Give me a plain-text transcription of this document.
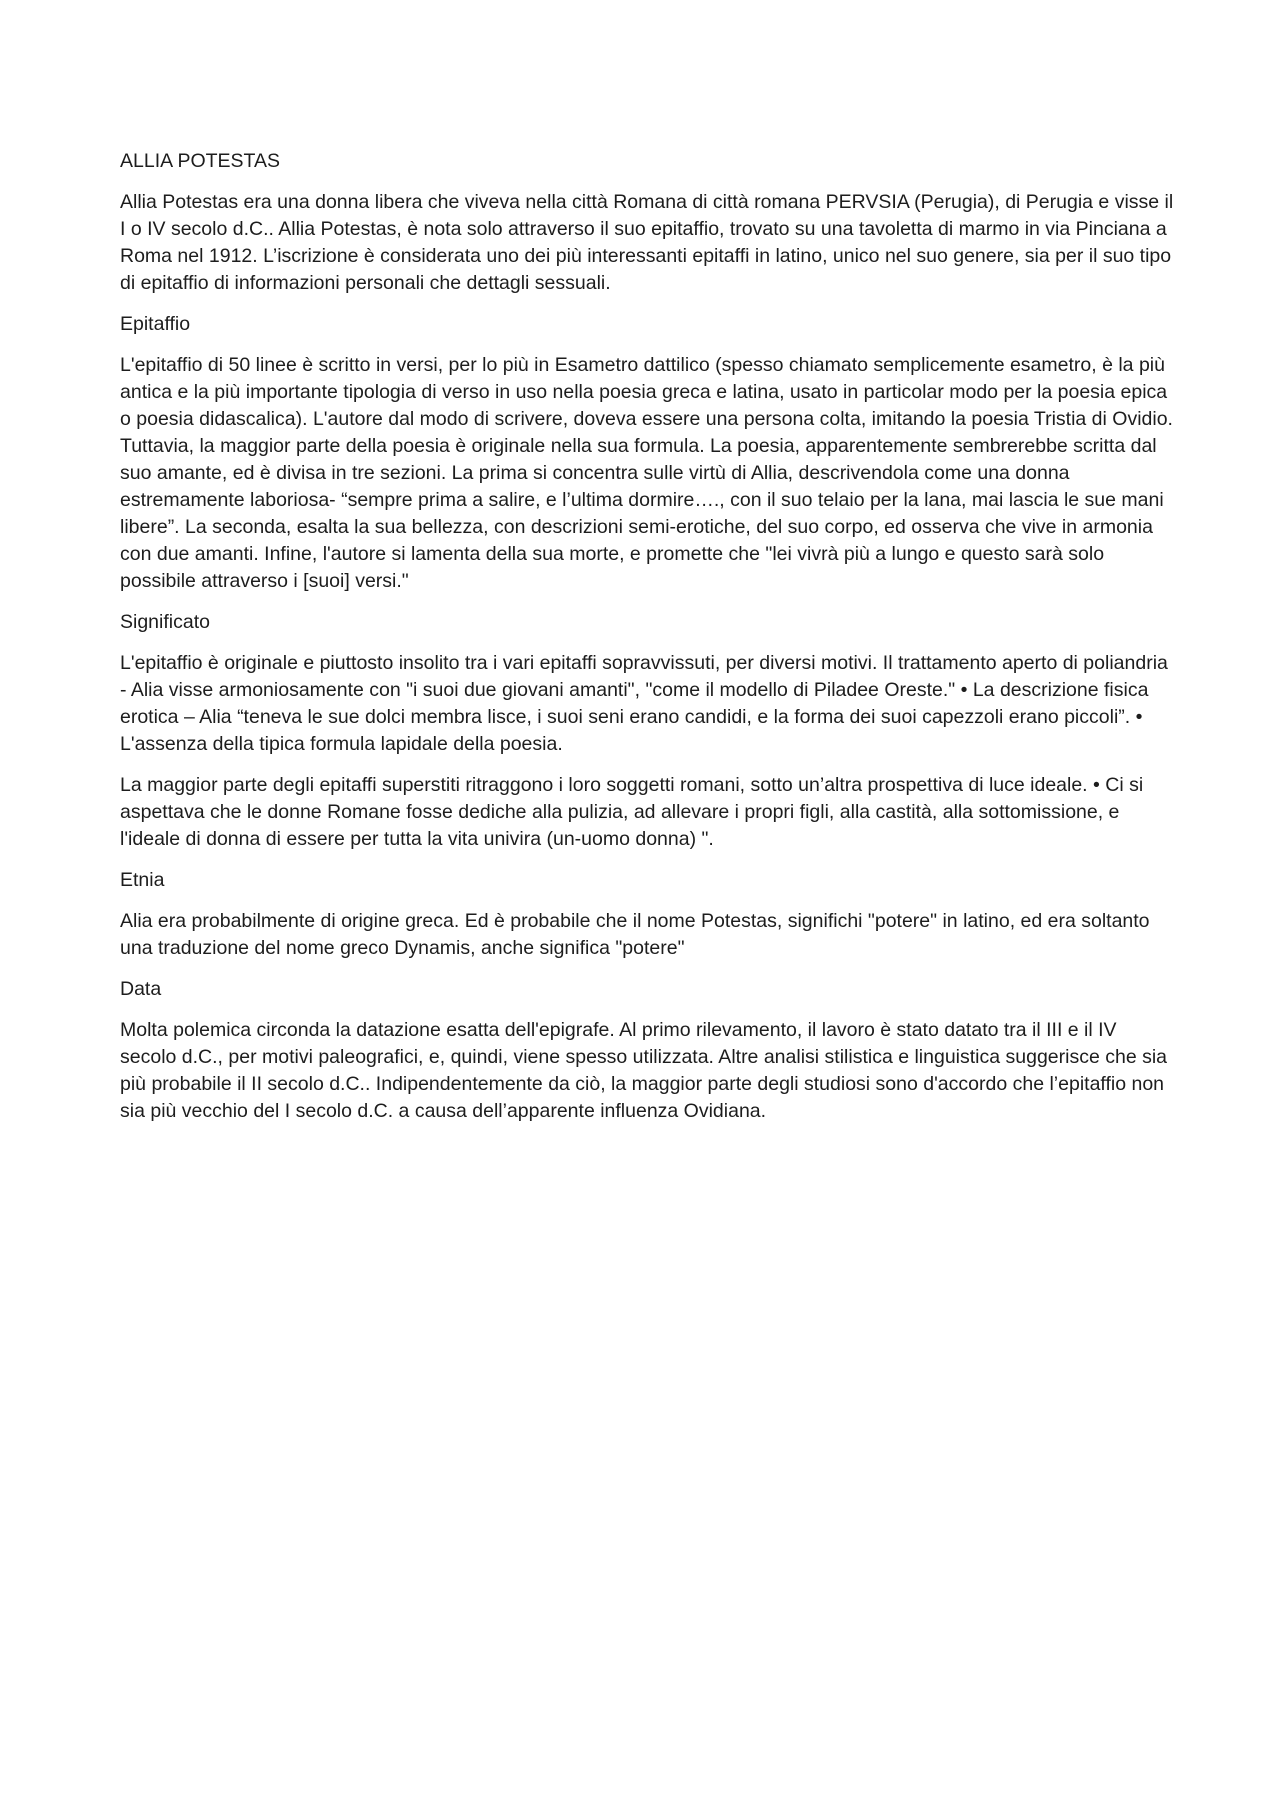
ALLIA POTESTAS

Allia Potestas era una donna libera che viveva nella città Romana di città romana PERVSIA (Perugia), di Perugia e visse il I o IV secolo d.C.. Allia Potestas, è nota solo attraverso il suo epitaffio, trovato su una tavoletta di marmo in via Pinciana a Roma nel 1912. L’iscrizione è considerata uno dei più interessanti epitaffi in latino, unico nel suo genere, sia per il suo tipo di epitaffio di informazioni personali che dettagli sessuali.

Epitaffio

L'epitaffio di 50 linee è scritto in versi, per lo più in Esametro dattilico (spesso chiamato semplicemente esametro, è la più antica e la più importante tipologia di verso in uso nella poesia greca e latina, usato in particolar modo per la poesia epica o poesia didascalica). L'autore dal modo di scrivere, doveva essere una persona colta, imitando la poesia Tristia di Ovidio. Tuttavia, la maggior parte della poesia è originale nella sua formula. La poesia, apparentemente sembrerebbe scritta dal suo amante, ed è divisa in tre sezioni. La prima si concentra sulle virtù di Allia, descrivendola come una donna estremamente laboriosa- “sempre prima a salire, e l’ultima dormire…., con il suo telaio per la lana, mai lascia le sue mani libere”. La seconda, esalta la sua bellezza, con descrizioni semi-erotiche, del suo corpo, ed osserva che vive in armonia con due amanti. Infine, l'autore si lamenta della sua morte, e promette che "lei vivrà più a lungo e questo sarà solo possibile attraverso i [suoi] versi."

Significato

L'epitaffio è originale e piuttosto insolito tra i vari epitaffi sopravvissuti, per diversi motivi. Il trattamento aperto di poliandria - Alia visse armoniosamente con "i suoi due giovani amanti", "come il modello di Piladee Oreste." • La descrizione fisica erotica – Alia “teneva le sue dolci membra lisce, i suoi seni erano candidi, e la forma dei suoi capezzoli erano piccoli”. • L'assenza della tipica formula lapidale della poesia.

La maggior parte degli epitaffi superstiti ritraggono i loro soggetti romani, sotto un’altra prospettiva di luce ideale. • Ci si aspettava che le donne Romane fosse dediche alla pulizia, ad allevare i propri figli, alla castità, alla sottomissione, e l'ideale di donna di essere per tutta la vita univira (un-uomo donna) ".

Etnia

Alia era probabilmente di origine greca. Ed è probabile che il nome Potestas, significhi "potere" in latino, ed era soltanto una traduzione del nome greco Dynamis, anche significa "potere"

Data

Molta polemica circonda la datazione esatta dell'epigrafe. Al primo rilevamento, il lavoro è stato datato tra il III e il IV secolo d.C., per motivi paleografici, e, quindi, viene spesso utilizzata. Altre analisi stilistica e linguistica suggerisce che sia più probabile il II secolo d.C.. Indipendentemente da ciò, la maggior parte degli studiosi sono d'accordo che l’epitaffio non sia più vecchio del I secolo d.C. a causa dell’apparente influenza Ovidiana.
